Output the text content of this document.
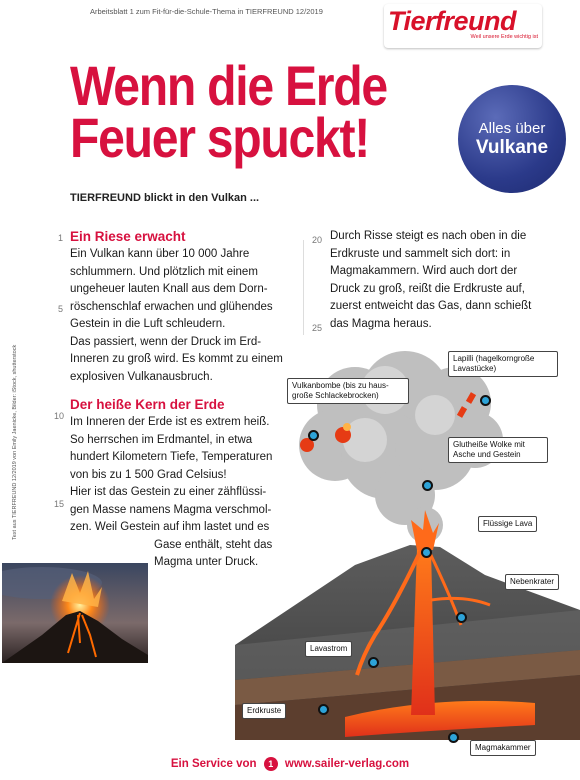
Arbeitsblatt 1 zum Fit-für-die-Schule-Thema in TIERFREUND 12/2019 Tierfreund
Weil unsere Erde wichtig ist
Wenn die Erde
Feuer spuckt!	Alles über
Vulkane
TIERFREUND blickt in den Vulkan ...
1
5
10
15
20
25

Ein Riese erwacht

Ein Vulkan kann über 10 000 Jahre

schlummern. Und plötzlich mit einem

ungeheuer lauten Knall aus dem Dorn-

röschenschlaf erwachen und glühendes

Gestein in die Luft schleudern.

Das passiert, wenn der Druck im Erd-

Inneren zu groß wird. Es kommt zu einem

explosiven Vulkanausbruch.

Der heiße Kern der Erde

Im Inneren der Erde ist es extrem heiß.

So herrschen im Erdmantel, in etwa

hundert Kilometern Tiefe, Temperaturen

von bis zu 1 500 Grad Celsius!

Hier ist das Gestein zu einer zähflüssi-

gen Masse namens Magma verschmol-

zen. Weil Gestein auf ihm lastet und es

Gase enthält, steht das

Magma unter Druck.

Durch Risse steigt es nach oben in die

Erdkruste und sammelt sich dort: in

Magmakammern. Wird auch dort der

Druck zu groß, reißt die Erdkruste auf,

zuerst entweicht das Gas, dann schießt

das Magma heraus.

Text aus TIERFREUND 12/2019 von Emily Jaenicke, Bilder: iStock, shutterstock	Lapilli (hagelkorngroße Lavastücke)
Vulkanbombe (bis zu haus-große Schlackebrocken)
Glutheiße Wolke mit Asche und Gestein
Flüssige Lava
Nebenkrater
Lavastrom
Erdkruste
Magmakammer
Ein Service von 1 www.sailer-verlag.com
